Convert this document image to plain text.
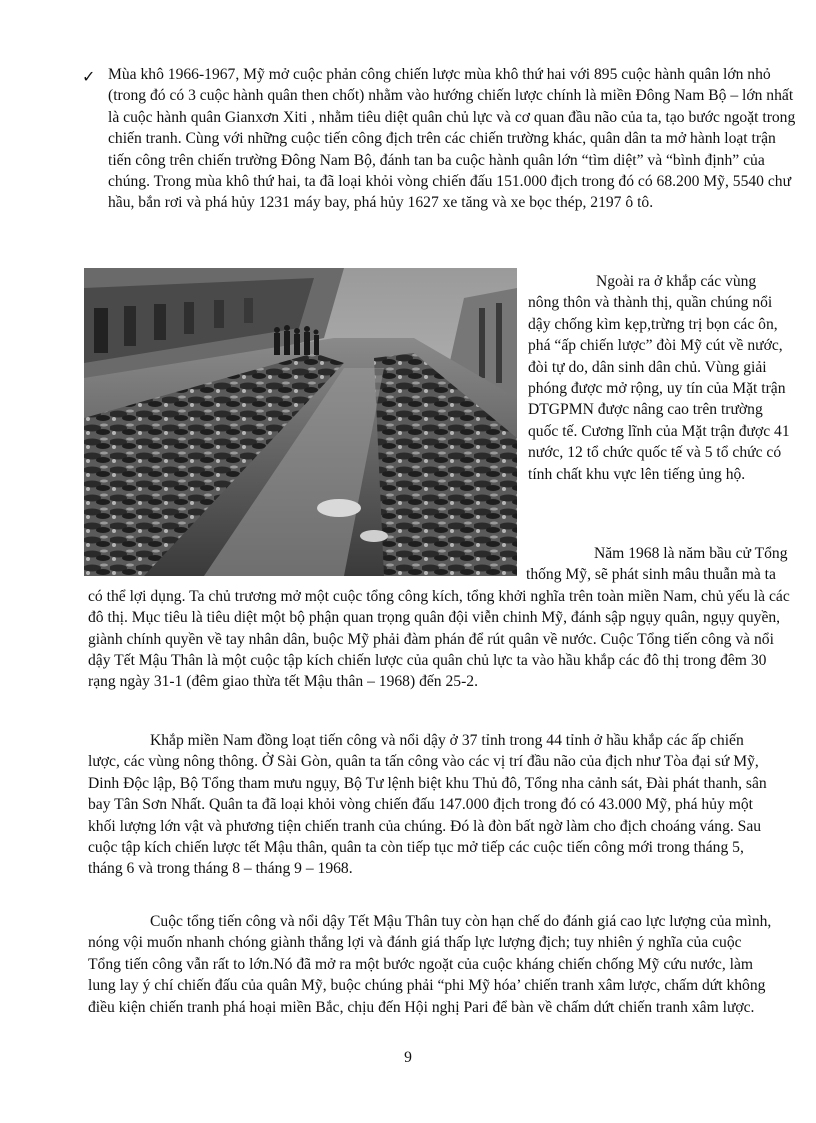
✓ Mùa khô 1966-1967, Mỹ mở cuộc phản công chiến lược mùa khô thứ hai với 895 cuộc hành quân lớn nhỏ (trong đó có 3 cuộc hành quân then chốt) nhằm vào hướng chiến lược chính là miền Đông Nam Bộ – lớn nhất là cuộc hành quân Gianxơn Xiti , nhằm tiêu diệt quân chủ lực và cơ quan đầu não của ta, tạo bước ngoặt trong chiến tranh. Cùng với những cuộc tiến công địch trên các chiến trường khác, quân dân ta mở hành loạt trận tiến công trên chiến trường Đông Nam Bộ, đánh tan ba cuộc hành quân lớn “tìm diệt” và “bình định” của chúng. Trong mùa khô thứ hai, ta đã loại khỏi vòng chiến đấu 151.000 địch trong đó có 68.200 Mỹ, 5540 chư hầu, bắn rơi và phá hủy 1231 máy bay, phá hủy 1627 xe tăng và xe bọc thép, 2197 ô tô.

Ngoài ra ở khắp các vùng nông thôn và thành thị, quần chúng nổi dậy chống kìm kẹp,trừng trị bọn các ôn, phá “ấp chiến lược” đòi Mỹ cút về nước, đòi tự do, dân sinh dân chủ. Vùng giải phóng được mở rộng, uy tín của Mặt trận DTGPMN được nâng cao trên trường quốc tế. Cương lĩnh của Mặt trận được 41 nước, 12 tổ chức quốc tế và 5 tổ chức có tính chất khu vực lên tiếng ủng hộ.

Năm 1968 là năm bầu cử Tổng thống Mỹ, sẽ phát sinh mâu thuẫn mà ta có thể lợi dụng. Ta chủ trương mở một cuộc tổng công kích, tổng khởi nghĩa trên toàn miền Nam, chủ yếu là các đô thị. Mục tiêu là tiêu diệt một bộ phận quan trọng quân đội viễn chinh Mỹ, đánh sập ngụy quân, ngụy quyền, giành chính quyền về tay nhân dân, buộc Mỹ phải đàm phán để rút quân về nước. Cuộc Tổng tiến công và nổi dậy Tết Mậu Thân là một cuộc tập kích chiến lược của quân chủ lực ta vào hầu khắp các đô thị trong đêm 30 rạng ngày 31-1 (đêm giao thừa tết Mậu thân – 1968) đến 25-2.

Khắp miền Nam đồng loạt tiến công và nổi dậy ở 37 tỉnh trong 44 tỉnh ở hầu khắp các ấp chiến lược, các vùng nông thông. Ở Sài Gòn, quân ta tấn công vào các vị trí đầu não của địch như Tòa đại sứ Mỹ, Dinh Độc lập, Bộ Tổng tham mưu ngụy, Bộ Tư lệnh biệt khu Thủ đô, Tổng nha cảnh sát, Đài phát thanh, sân bay Tân Sơn Nhất. Quân ta đã loại khỏi vòng chiến đấu 147.000 địch trong đó có 43.000 Mỹ, phá hủy một khối lượng lớn vật và phương tiện chiến tranh của chúng. Đó là đòn bất ngờ làm cho địch choáng váng. Sau cuộc tập kích chiến lược tết Mậu thân, quân ta còn tiếp tục mở tiếp các cuộc tiến công mới trong tháng 5, tháng 6 và trong tháng 8 – tháng 9 – 1968.

Cuộc tổng tiến công và nổi dậy Tết Mậu Thân tuy còn hạn chế do đánh giá cao lực lượng của mình, nóng vội muốn nhanh chóng giành thắng lợi và đánh giá thấp lực lượng địch; tuy nhiên ý nghĩa của cuộc Tổng tiến công vẫn rất to lớn.Nó đã mở ra một bước ngoặt của cuộc kháng chiến chống Mỹ cứu nước, làm lung lay ý chí chiến đấu của quân Mỹ, buộc chúng phải “phi Mỹ hóa’ chiến tranh xâm lược, chấm dứt không điều kiện chiến tranh phá hoại miền Bắc, chịu đến Hội nghị Pari để bàn về chấm dứt chiến tranh xâm lược.

9
